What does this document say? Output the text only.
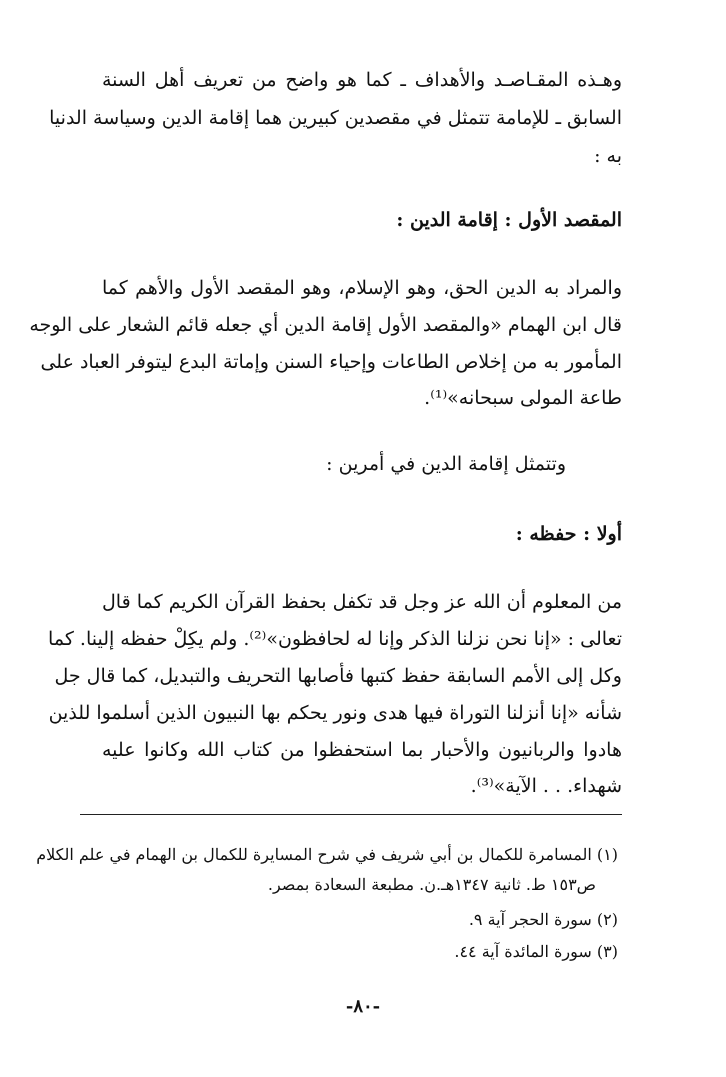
وهـذه المقـاصـد والأهداف ـ كما هو واضح من تعريف أهل السنة
السابق ـ للإمامة تتمثل في مقصدين كبيرين هما إقامة الدين وسياسة الدنيا
به :
المقصد الأول : إقامة الدين :
والمراد به الدين الحق، وهو الإسلام، وهو المقصد الأول والأهم كما
قال ابن الهمام «والمقصد الأول إقامة الدين أي جعله قائم الشعار على الوجه
المأمور به من إخلاص الطاعات وإحياء السنن وإماتة البدع ليتوفر العباد على
طاعة المولى سبحانه»⁽¹⁾.
وتتمثل إقامة الدين في أمرين :
أولا : حفظه :
من المعلوم أن الله عز وجل قد تكفل بحفظ القرآن الكريم كما قال
تعالى : «إنا نحن نزلنا الذكر وإنا له لحافظون»⁽²⁾. ولم يكِلْ حفظه إلينا. كما
وكل إلى الأمم السابقة حفظ كتبها فأصابها التحريف والتبديل، كما قال جل
شأنه «إنا أنزلنا التوراة فيها هدى ونور يحكم بها النبيون الذين أسلموا للذين
هادوا والربانيون والأحبار بما استحفظوا من كتاب الله وكانوا عليه
شهداء. . . الآية»⁽³⁾.
(١) المسامرة للكمال بن أبي شريف في شرح المسايرة للكمال بن الهمام في علم الكلام
ص١٥٣ ط. ثانية ١٣٤٧هـ.ن. مطبعة السعادة بمصر.
(٢) سورة الحجر آية ٩.
(٣) سورة المائدة آية ٤٤.
-٨٠-
